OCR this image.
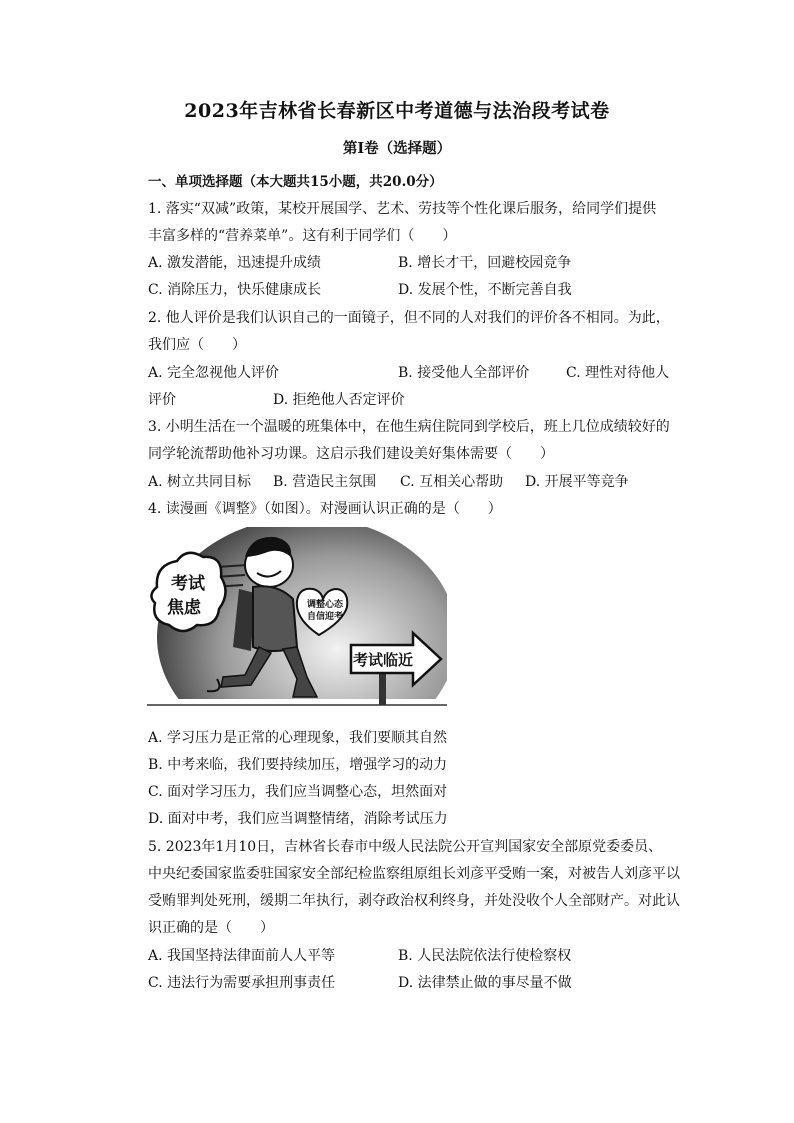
2023年吉林省长春新区中考道德与法治段考试卷
第I卷（选择题）
一、单项选择题（本大题共15小题，共20.0分）
1. 落实“双减”政策，某校开展国学、艺术、劳技等个性化课后服务，给同学们提供
丰富多样的“营养菜单”。这有利于同学们（　　）
A. 激发潜能，迅速提升成绩	B. 增长才干，回避校园竞争
C. 消除压力，快乐健康成长	D. 发展个性，不断完善自我
2. 他人评价是我们认识自己的一面镜子，但不同的人对我们的评价各不相同。为此，
我们应（　　）
A. 完全忽视他人评价	B. 接受他人全部评价	C. 理性对待他人
评价	D. 拒绝他人否定评价
3. 小明生活在一个温暖的班集体中，在他生病住院同到学校后，班上几位成绩较好的
同学轮流帮助他补习功课。这启示我们建设美好集体需要（　　）
A. 树立共同目标 B. 营造民主氛围 C. 互相关心帮助 D. 开展平等竞争
4. 读漫画《调整》（如图）。对漫画认识正确的是（　　）
考试
焦虑	调整心态
自信迎考
考试临近
A. 学习压力是正常的心理现象，我们要顺其自然
B. 中考来临，我们要持续加压，增强学习的动力
C. 面对学习压力，我们应当调整心态，坦然面对
D. 面对中考，我们应当调整情绪，消除考试压力
5. 2023年1月10日，吉林省长春市中级人民法院公开宣判国家安全部原党委委员、
中央纪委国家监委驻国家安全部纪检监察组原组长刘彦平受贿一案，对被告人刘彦平以
受贿罪判处死刑，缓期二年执行，剥夺政治权利终身，并处没收个人全部财产。对此认
识正确的是（　　）
A. 我国坚持法律面前人人平等	B. 人民法院依法行使检察权
C. 违法行为需要承担刑事责任	D. 法律禁止做的事尽量不做
